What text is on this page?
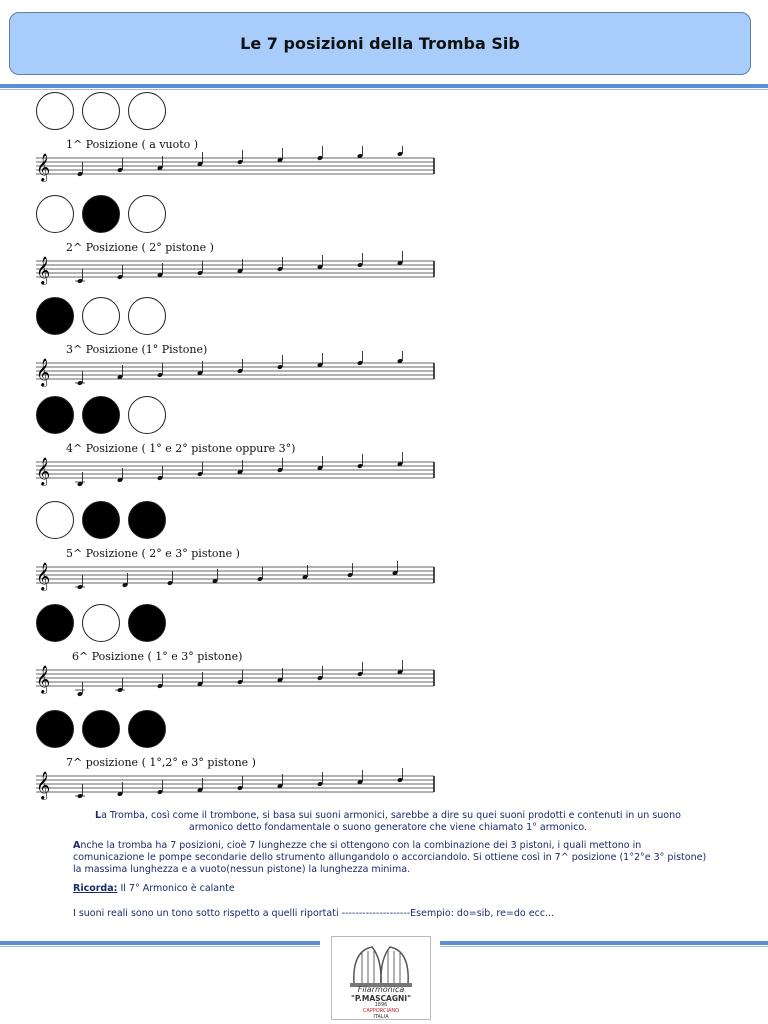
Le 7 posizioni della Tromba Sib
1^ Posizione ( a vuoto )
𝄞
2^ Posizione ( 2° pistone )
𝄞
3^ Posizione (1° Pistone)
𝄞
4^ Posizione ( 1° e 2° pistone oppure 3°)
𝄞
5^ Posizione ( 2° e 3° pistone )
𝄞
6^ Posizione ( 1° e 3° pistone)
𝄞
7^ posizione ( 1°,2° e 3° pistone )
𝄞
La Tromba, così come il trombone, si basa sui suoni armonici, sarebbe a dire su quei suoni prodotti e contenuti in un suono armonico detto fondamentale o suono generatore che viene chiamato 1° armonico.
Anche la tromba ha 7 posizioni, cioè 7 lunghezze che si ottengono con la combinazione dei 3 pistoni, i quali mettono in comunicazione le pompe secondarie dello strumento allungandolo o accorciandolo. Si ottiene così in 7^ posizione (1°2°e 3° pistone) la massima lunghezza e a vuoto(nessun pistone) la lunghezza minima.
Ricorda: Il 7° Armonico è calante
I suoni reali sono un tono sotto rispetto a quelli riportati --------------------Esempio: do=sib, re=do ecc...
Filarmonica
"P.MASCAGNI"
1896
CAPPORCIANO
ITALIA
